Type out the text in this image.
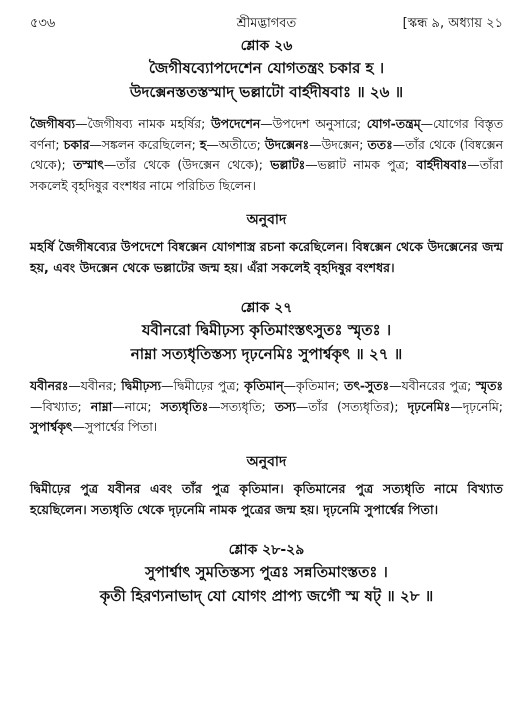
৫৩৬	শ্রীমদ্ভাগবত	[স্কন্ধ ৯, অধ্যায় ২১

শ্লোক ২৬

জৈগীষব্যোপদেশেন যোগতন্ত্রং চকার হ ।

উদক্সেনস্ততস্তস্মাদ্ ভল্লাটো বার্হদীষবাঃ ॥ ২৬ ॥

জৈগীষব্য—জৈগীষব্য নামক মহর্ষির; উপদেশেন—উপদেশ অনুসারে; যোগ-তন্ত্রম্—যোগের বিস্তৃত বর্ণনা; চকার—সঙ্কলন করেছিলেন; হ—অতীতে; উদক্সেনঃ—উদক্সেন; ততঃ—তাঁর থেকে (বিষ্বক্সেন থেকে); তস্মাৎ—তাঁর থেকে (উদক্সেন থেকে); ভল্লাটঃ—ভল্লাট নামক পুত্র; বার্হদীষবাঃ—তাঁরা সকলেই বৃহদিষুর বংশধর নামে পরিচিত ছিলেন।

অনুবাদ

মহর্ষি জৈগীষব্যের উপদেশে বিষ্বক্সেন যোগশাস্ত্র রচনা করেছিলেন। বিষ্বক্সেন থেকে উদক্সেনের জন্ম হয়, এবং উদক্সেন থেকে ভল্লাটের জন্ম হয়। এঁরা সকলেই বৃহদিষুর বংশধর।

শ্লোক ২৭

যবীনরো দ্বিমীঢ়স্য কৃতিমাংস্তৎসুতঃ স্মৃতঃ ।

নাম্না সত্যধৃতিস্তস্য দৃঢ়নেমিঃ সুপার্শ্বকৃৎ ॥ ২৭ ॥

যবীনরঃ—যবীনর; দ্বিমীঢ়স্য—দ্বিমীঢ়ের পুত্র; কৃতিমান্—কৃতিমান; তৎ-সুতঃ—যবীনরের পুত্র; স্মৃতঃ—বিখ্যাত; নাম্না—নামে; সত্যধৃতিঃ—সত্যধৃতি; তস্য—তাঁর (সত্যধৃতির); দৃঢ়নেমিঃ—দৃঢ়নেমি; সুপার্শ্বকৃৎ—সুপার্শ্বের পিতা।

অনুবাদ

দ্বিমীঢ়ের পুত্র যবীনর এবং তাঁর পুত্র কৃতিমান। কৃতিমানের পুত্র সত্যধৃতি নামে বিখ্যাত হয়েছিলেন। সত্যধৃতি থেকে দৃঢ়নেমি নামক পুত্রের জন্ম হয়। দৃঢ়নেমি সুপার্শ্বের পিতা।

শ্লোক ২৮-২৯

সুপার্শ্বাৎ সুমতিস্তস্য পুত্রঃ সন্নতিমাংস্ততঃ ।

কৃতী হিরণ্যনাভাদ্ যো যোগং প্রাপ্য জগৌ স্ম ষট্ ॥ ২৮ ॥
